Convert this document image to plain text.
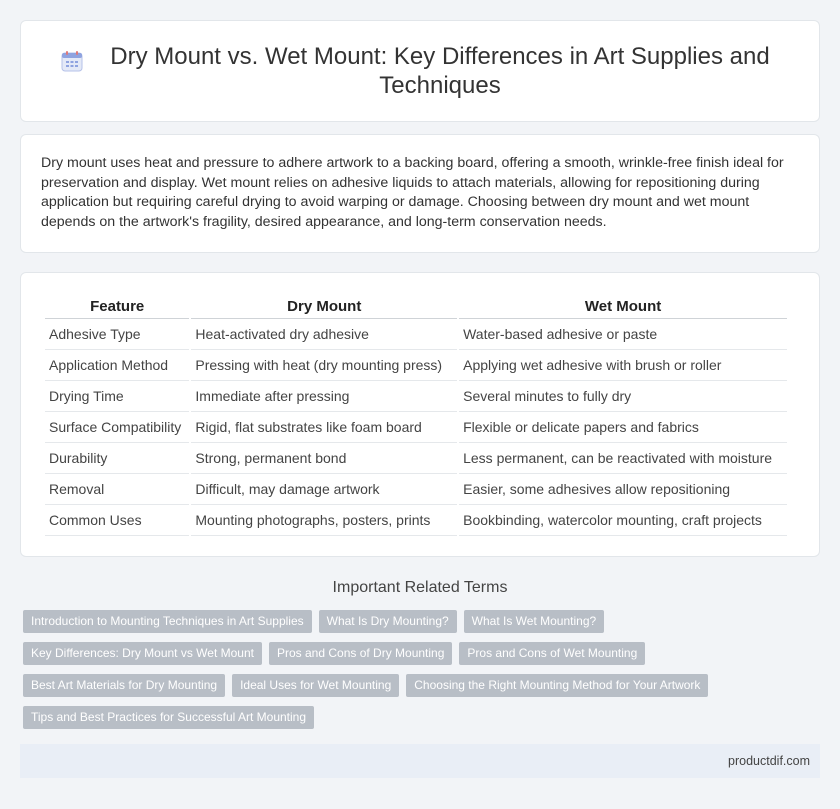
Dry Mount vs. Wet Mount: Key Differences in Art Supplies and Techniques

Dry mount uses heat and pressure to adhere artwork to a backing board, offering a smooth, wrinkle-free finish ideal for preservation and display. Wet mount relies on adhesive liquids to attach materials, allowing for repositioning during application but requiring careful drying to avoid warping or damage. Choosing between dry mount and wet mount depends on the artwork's fragility, desired appearance, and long-term conservation needs.

Feature	Dry Mount	Wet Mount
Adhesive Type	Heat-activated dry adhesive	Water-based adhesive or paste
Application Method	Pressing with heat (dry mounting press)	Applying wet adhesive with brush or roller
Drying Time	Immediate after pressing	Several minutes to fully dry
Surface Compatibility	Rigid, flat substrates like foam board	Flexible or delicate papers and fabrics
Durability	Strong, permanent bond	Less permanent, can be reactivated with moisture
Removal	Difficult, may damage artwork	Easier, some adhesives allow repositioning
Common Uses	Mounting photographs, posters, prints	Bookbinding, watercolor mounting, craft projects
Important Related Terms
Introduction to Mounting Techniques in Art Supplies	What Is Dry Mounting?	What Is Wet Mounting?
Key Differences: Dry Mount vs Wet Mount	Pros and Cons of Dry Mounting	Pros and Cons of Wet Mounting
Best Art Materials for Dry Mounting	Ideal Uses for Wet Mounting	Choosing the Right Mounting Method for Your Artwork
Tips and Best Practices for Successful Art Mounting
productdif.com
